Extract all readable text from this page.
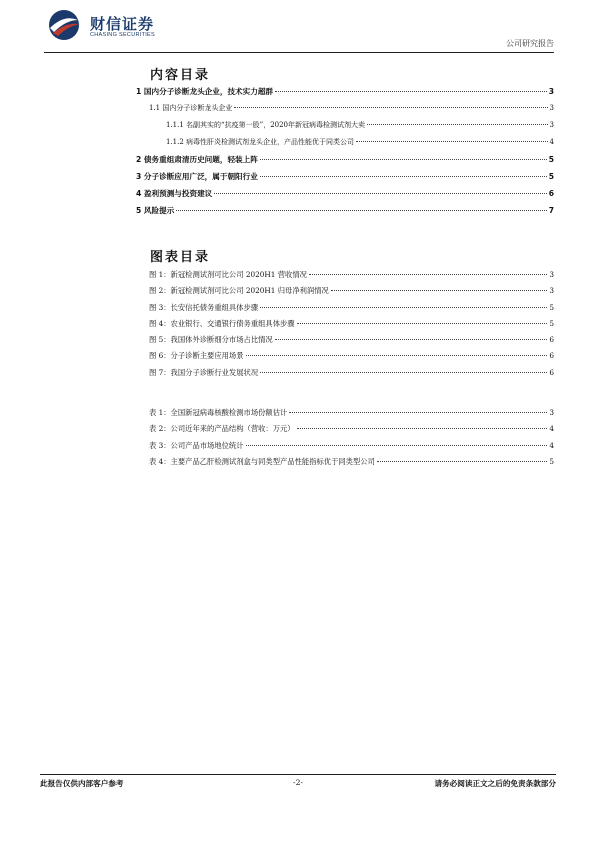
财信证券
CHASING SECURITIES
公司研究报告
内容目录
1 国内分子诊断龙头企业，技术实力超群	3
1.1 国内分子诊断龙头企业	3
1.1.1 名副其实的“抗疫第一股”，2020年新冠病毒检测试剂大卖	3
1.1.2 病毒性肝炎检测试剂龙头企业，产品性能优于同类公司	4
2 债务重组肃清历史问题，轻装上阵	5
3 分子诊断应用广泛，属于朝阳行业	5
4 盈利预测与投资建议	6
5 风险提示	7
图表目录
图 1：新冠检测试剂可比公司 2020H1 营收情况	3
图 2：新冠检测试剂可比公司 2020H1 归母净利润情况	3
图 3：长安信托债务重组具体步骤	5
图 4：农业银行、交通银行债务重组具体步骤	5
图 5：我国体外诊断细分市场占比情况	6
图 6：分子诊断主要应用场景	6
图 7：我国分子诊断行业发展状况	6
表 1：全国新冠病毒核酸检测市场份额估计	3
表 2：公司近年来的产品结构（营收：万元）	4
表 3：公司产品市场地位统计	4
表 4：主要产品乙肝检测试剂盒与同类型产品性能指标优于同类型公司	5
此报告仅供内部客户参考	-2-	请务必阅读正文之后的免责条款部分
